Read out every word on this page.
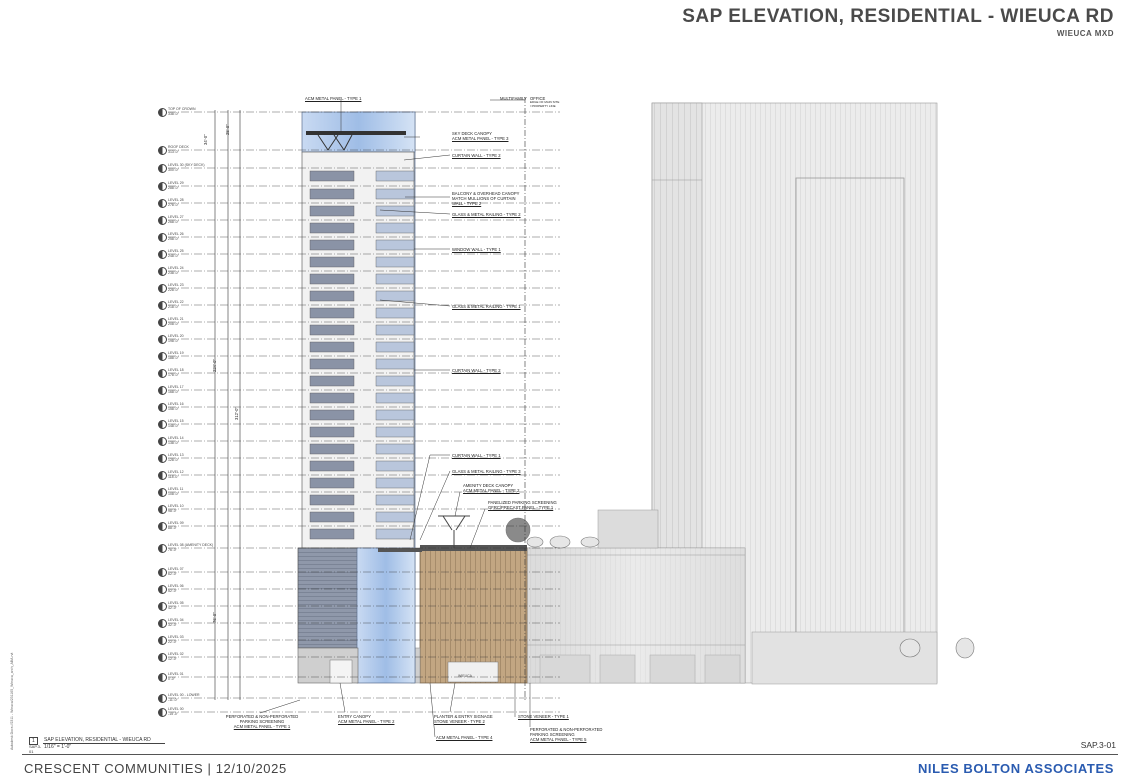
SAP ELEVATION, RESIDENTIAL - WIEUCA RD
WIEUCA MXD
TOP OF CROWN
338'-0"
ROOF DECK
313'-0"
LEVEL 30 (SKY DECK)
300'-0"
LEVEL 29
288'-0"
LEVEL 28
278'-0"
LEVEL 27
268'-0"
LEVEL 26
258'-0"
LEVEL 25
248'-0"
LEVEL 24
238'-0"
LEVEL 23
228'-0"
LEVEL 22
218'-0"
LEVEL 21
208'-0"
LEVEL 20
198'-0"
LEVEL 19
188'-0"
LEVEL 18
178'-0"
LEVEL 17
168'-0"
LEVEL 16
158'-0"
LEVEL 15
148'-0"
LEVEL 14
138'-0"
LEVEL 13
128'-0"
LEVEL 12
118'-0"
LEVEL 11
108'-0"
LEVEL 10
98'-0"
LEVEL 09
88'-0"
LEVEL 08 (AMENITY DECK)
76'-0"
LEVEL 07
62'-0"
LEVEL 06
52'-0"
LEVEL 05
42'-0"
LEVEL 04
32'-0"
LEVEL 03
22'-0"
LEVEL 02
12'-0"
LEVEL 01
0'-0"
LEVEL 00 - LOWER
-11'-0"
LEVEL 00
-15'-0"
34'-0"
25'-0"
224'-0"
312'-0"
76'-0"
ACM METAL PANEL - TYPE 1	MULTIFAMILY OFFICE
EDGE OF MAIN SITE / PROPERTY LINE
SKY DECK CANOPY
ACM METAL PANEL - TYPE 3
CURTAIN WALL - TYPE 2
BALCONY & OVERHEAD CANOPY
MATCH MULLIONS OF CURTAIN
WALL - TYPE 2
GLASS & METAL RAILING - TYPE 2
WINDOW WALL - TYPE 1
GLASS & METAL RAILING - TYPE 1
CURTAIN WALL - TYPE 2
CURTAIN WALL - TYPE 1
GLASS & METAL RAILING - TYPE 3
AMENITY DECK CANOPY
ACM METAL PANEL - TYPE 2
PANELIZED PARKING SCREENING
GFRC/PRECAST PANEL - TYPE 1
PERFORATED & NON-PERFORATED
PARKING SCREENING
ACM METAL PANEL - TYPE 1
ENTRY CANOPY
ACM METAL PANEL - TYPE 2
PLANTER & ENTRY SIGNAGE
STONE VENEER - TYPE 2
ACM METAL PANEL - TYPE 4
STONE VENEER - TYPE 1
PERFORATED & NON-PERFORATED
PARKING SCREENING
ACM METAL PANEL - TYPE 5
WIEUCA
Autodesk Docs://2311 - Wieuca/231165_Wieuca_arch_ABA.rvt	1
SAP.3-01
SAP ELEVATION, RESIDENTIAL - WIEUCA RD
1/16" = 1'-0"	SAP.3-01
CRESCENT COMMUNITIES | 12/10/2025	NILES BOLTON ASSOCIATES
